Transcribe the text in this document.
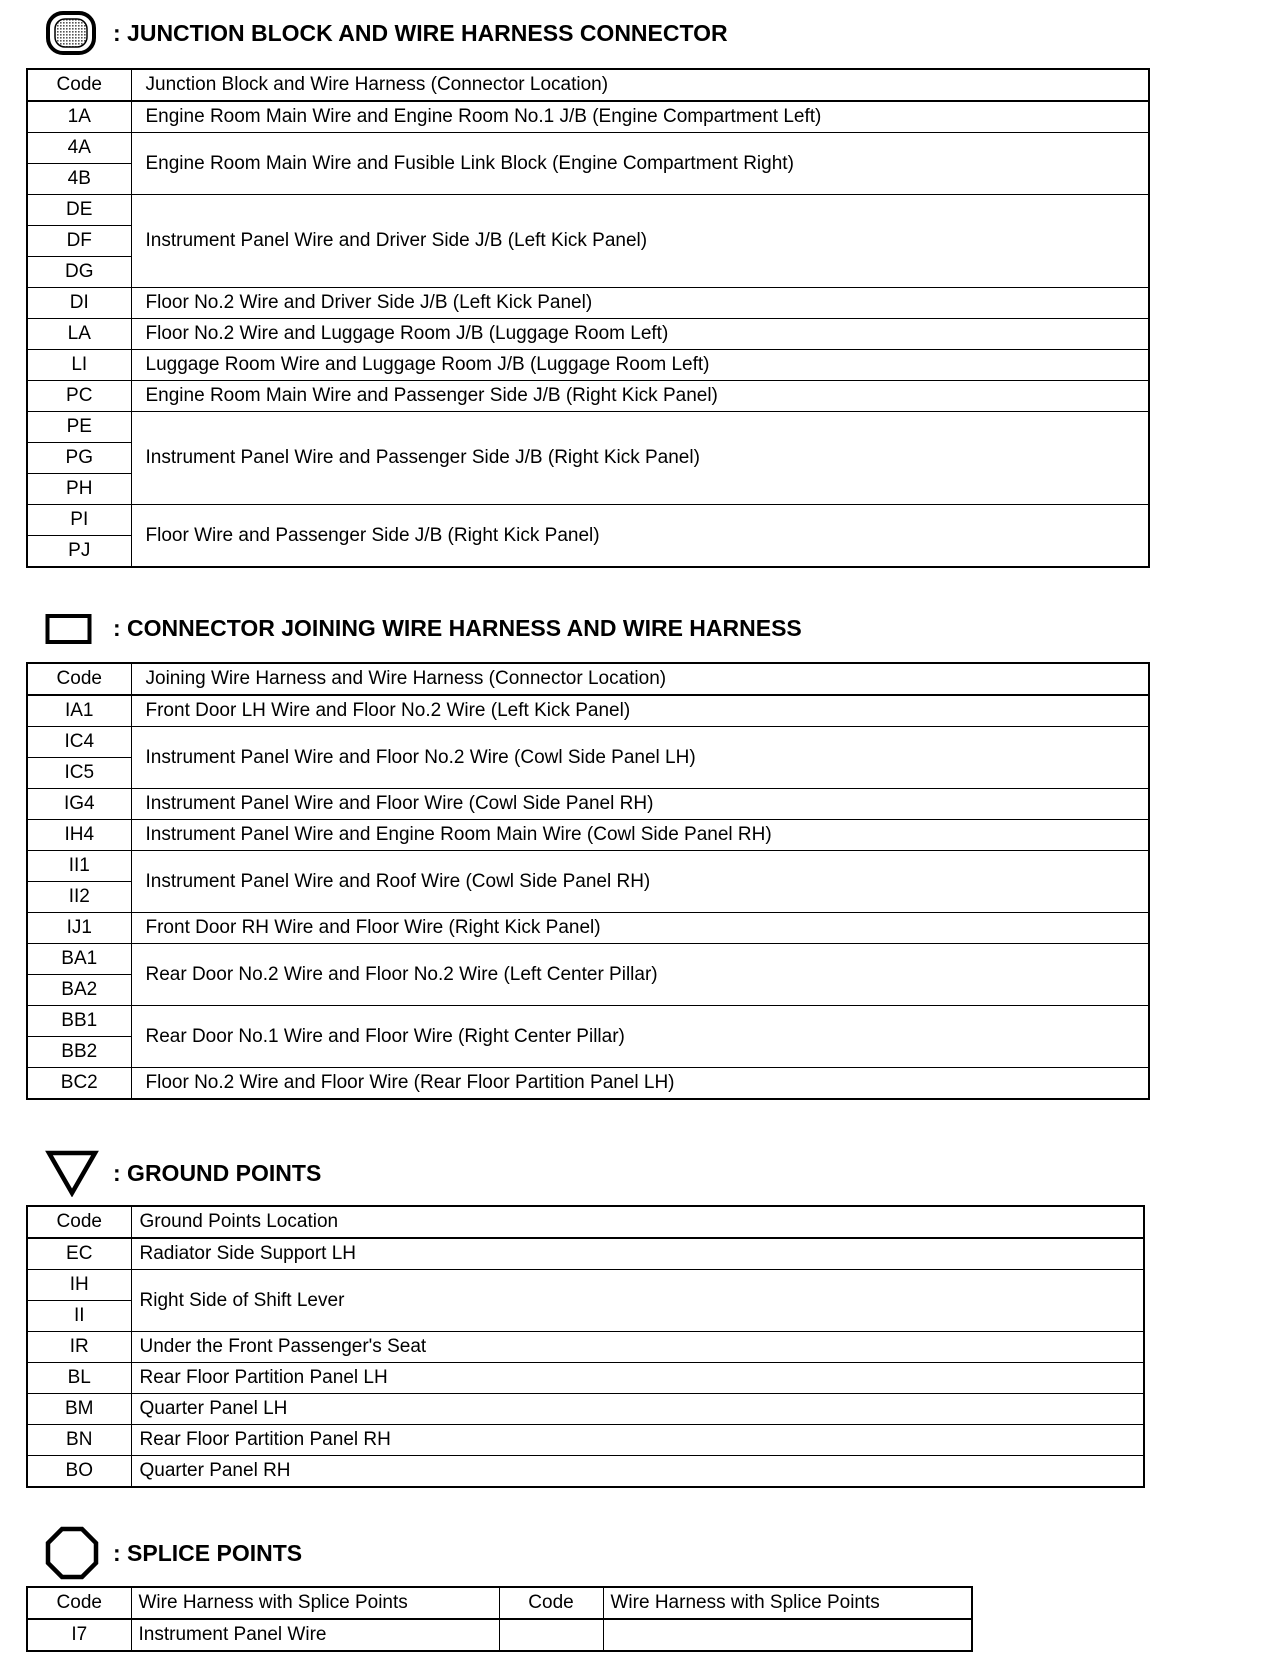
: JUNCTION BLOCK AND WIRE HARNESS CONNECTOR
Code	Junction Block and Wire Harness (Connector Location)
1A	Engine Room Main Wire and Engine Room No.1 J/B (Engine Compartment Left)
4A	Engine Room Main Wire and Fusible Link Block (Engine Compartment Right)
4B	
DE	Instrument Panel Wire and Driver Side J/B (Left Kick Panel)
DF	
DG	
DI	Floor No.2 Wire and Driver Side J/B (Left Kick Panel)
LA	Floor No.2 Wire and Luggage Room J/B (Luggage Room Left)
LI	Luggage Room Wire and Luggage Room J/B (Luggage Room Left)
PC	Engine Room Main Wire and Passenger Side J/B (Right Kick Panel)
PE	Instrument Panel Wire and Passenger Side J/B (Right Kick Panel)
PG	
PH	
PI	Floor Wire and Passenger Side J/B (Right Kick Panel)
PJ	
: CONNECTOR JOINING WIRE HARNESS AND WIRE HARNESS
Code	Joining Wire Harness and Wire Harness (Connector Location)
IA1	Front Door LH Wire and Floor No.2 Wire (Left Kick Panel)
IC4	Instrument Panel Wire and Floor No.2 Wire (Cowl Side Panel LH)
IC5	
IG4	Instrument Panel Wire and Floor Wire (Cowl Side Panel RH)
IH4	Instrument Panel Wire and Engine Room Main Wire (Cowl Side Panel RH)
II1	Instrument Panel Wire and Roof Wire (Cowl Side Panel RH)
II2	
IJ1	Front Door RH Wire and Floor Wire (Right Kick Panel)
BA1	Rear Door No.2 Wire and Floor No.2 Wire (Left Center Pillar)
BA2	
BB1	Rear Door No.1 Wire and Floor Wire (Right Center Pillar)
BB2	
BC2	Floor No.2 Wire and Floor Wire (Rear Floor Partition Panel LH)
: GROUND POINTS
Code	Ground Points Location
EC	Radiator Side Support LH
IH	Right Side of Shift Lever
II	
IR	Under the Front Passenger's Seat
BL	Rear Floor Partition Panel LH
BM	Quarter Panel LH
BN	Rear Floor Partition Panel RH
BO	Quarter Panel RH
: SPLICE POINTS
Code	Wire Harness with Splice Points	Code	Wire Harness with Splice Points
I7	Instrument Panel Wire		
